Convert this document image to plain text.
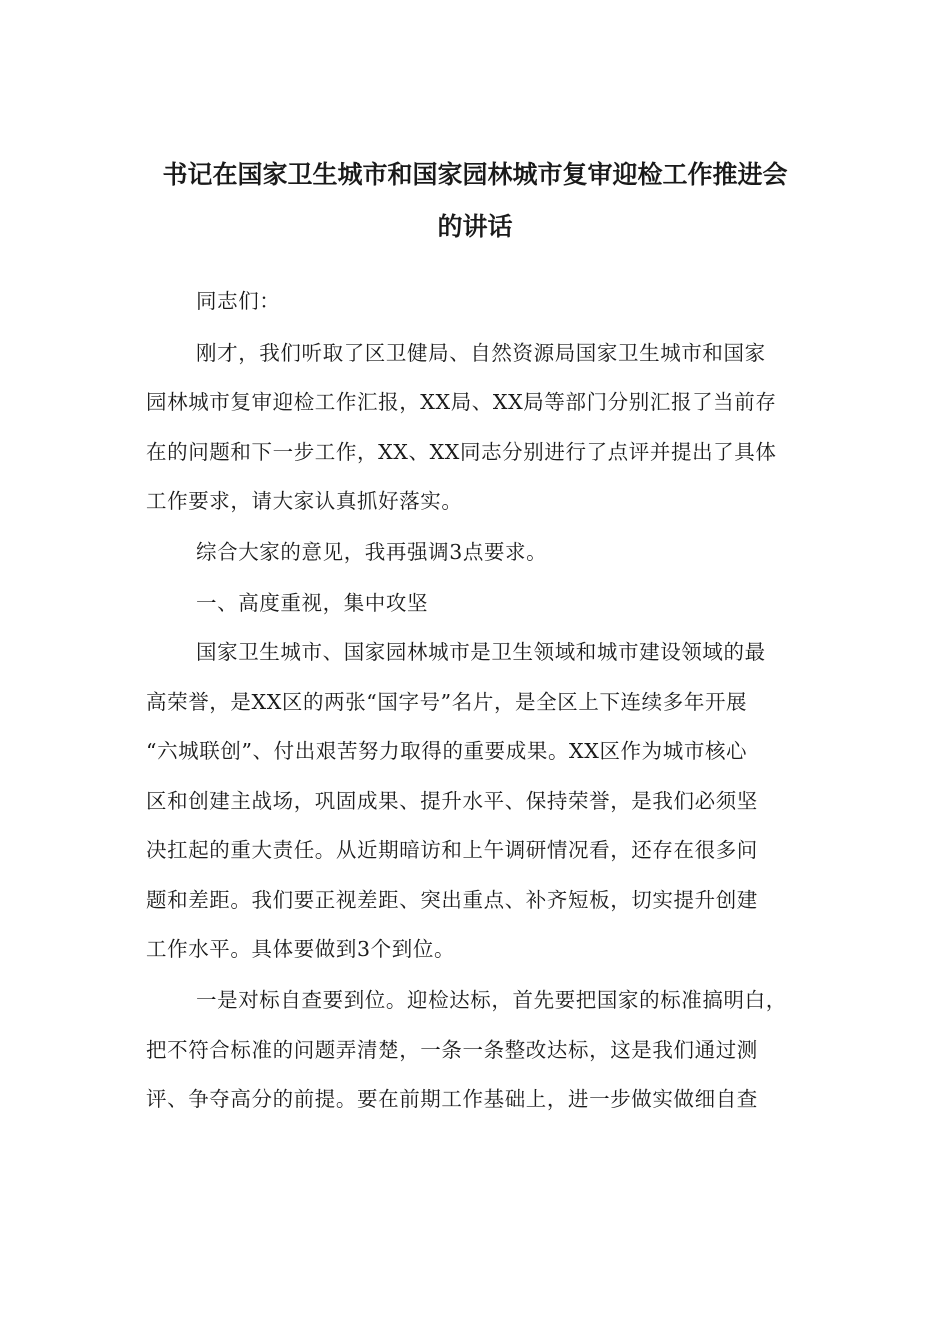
书记在国家卫生城市和国家园林城市复审迎检工作推进会
的讲话
同志们：
刚才，我们听取了区卫健局、自然资源局国家卫生城市和国家
园林城市复审迎检工作汇报，XX局、XX局等部门分别汇报了当前存
在的问题和下一步工作，XX、XX同志分别进行了点评并提出了具体
工作要求，请大家认真抓好落实。
综合大家的意见，我再强调3点要求。
一、高度重视，集中攻坚
国家卫生城市、国家园林城市是卫生领域和城市建设领域的最
高荣誉，是XX区的两张“国字号”名片，是全区上下连续多年开展
“六城联创”、付出艰苦努力取得的重要成果。XX区作为城市核心
区和创建主战场，巩固成果、提升水平、保持荣誉，是我们必须坚
决扛起的重大责任。从近期暗访和上午调研情况看，还存在很多问
题和差距。我们要正视差距、突出重点、补齐短板，切实提升创建
工作水平。具体要做到3个到位。
一是对标自查要到位。迎检达标，首先要把国家的标准搞明白，
把不符合标准的问题弄清楚，一条一条整改达标，这是我们通过测
评、争夺高分的前提。要在前期工作基础上，进一步做实做细自查
